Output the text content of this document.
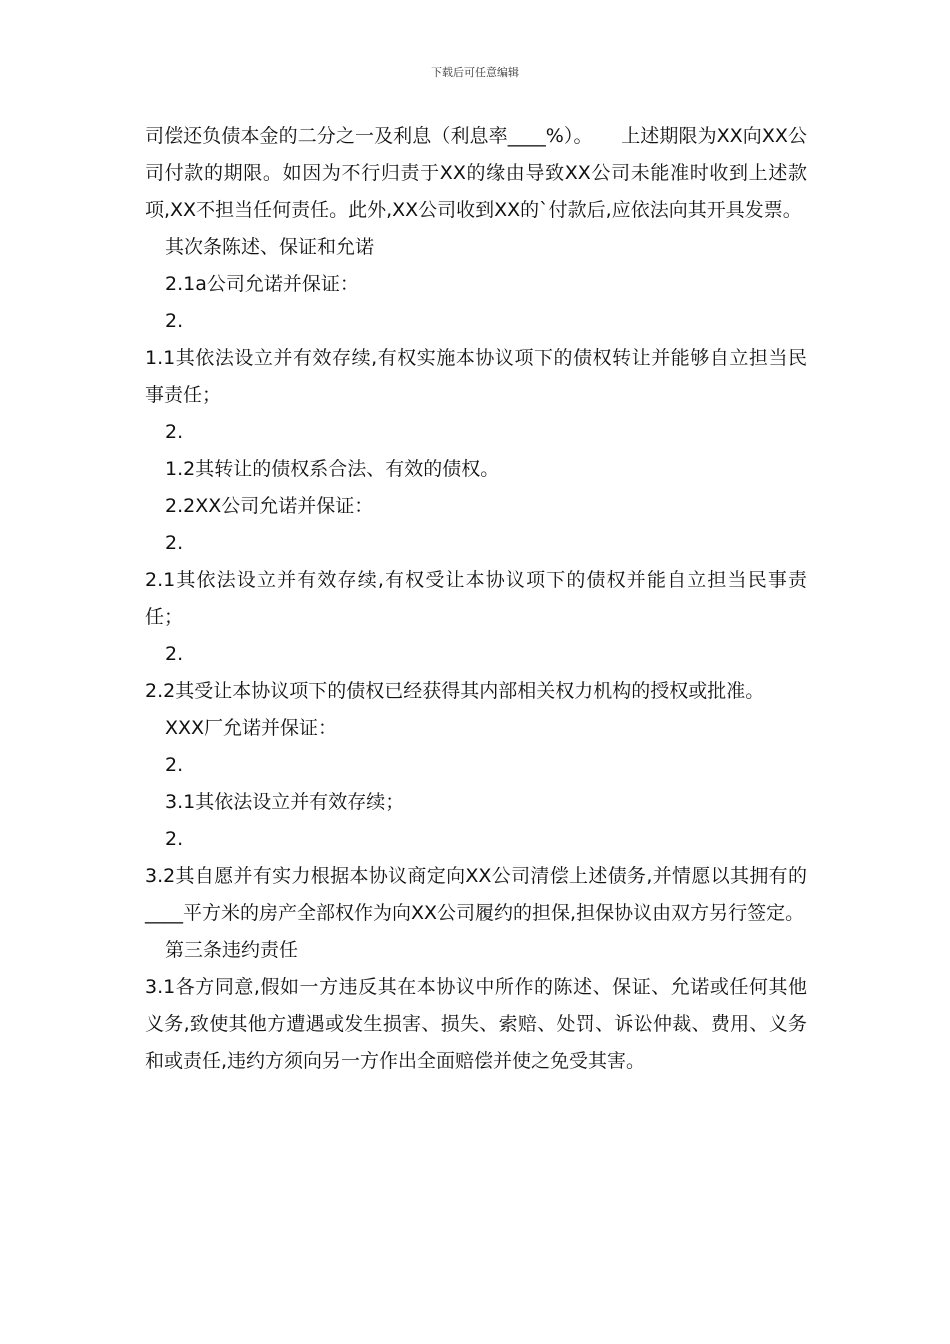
下载后可任意编辑

司偿还负债本金的二分之一及利息（利息率____%）。　　上述期限为XX向XX公司付款的期限。如因为不行归责于XX的缘由导致XX公司未能准时收到上述款项,XX不担当任何责任。此外,XX公司收到XX的`付款后,应依法向其开具发票。

其次条陈述、保证和允诺

2.1a公司允诺并保证：

2.

1.1其依法设立并有效存续,有权实施本协议项下的债权转让并能够自立担当民事责任；

2.

1.2其转让的债权系合法、有效的债权。

2.2XX公司允诺并保证：

2.

2.1其依法设立并有效存续,有权受让本协议项下的债权并能自立担当民事责任；

2.

2.2其受让本协议项下的债权已经获得其内部相关权力机构的授权或批准。

XXX厂允诺并保证：

2.

3.1其依法设立并有效存续；

2.

3.2其自愿并有实力根据本协议商定向XX公司清偿上述债务,并情愿以其拥有的____平方米的房产全部权作为向XX公司履约的担保,担保协议由双方另行签定。

第三条违约责任

3.1各方同意,假如一方违反其在本协议中所作的陈述、保证、允诺或任何其他义务,致使其他方遭遇或发生损害、损失、索赔、处罚、诉讼仲裁、费用、义务和或责任,违约方须向另一方作出全面赔偿并使之免受其害。
